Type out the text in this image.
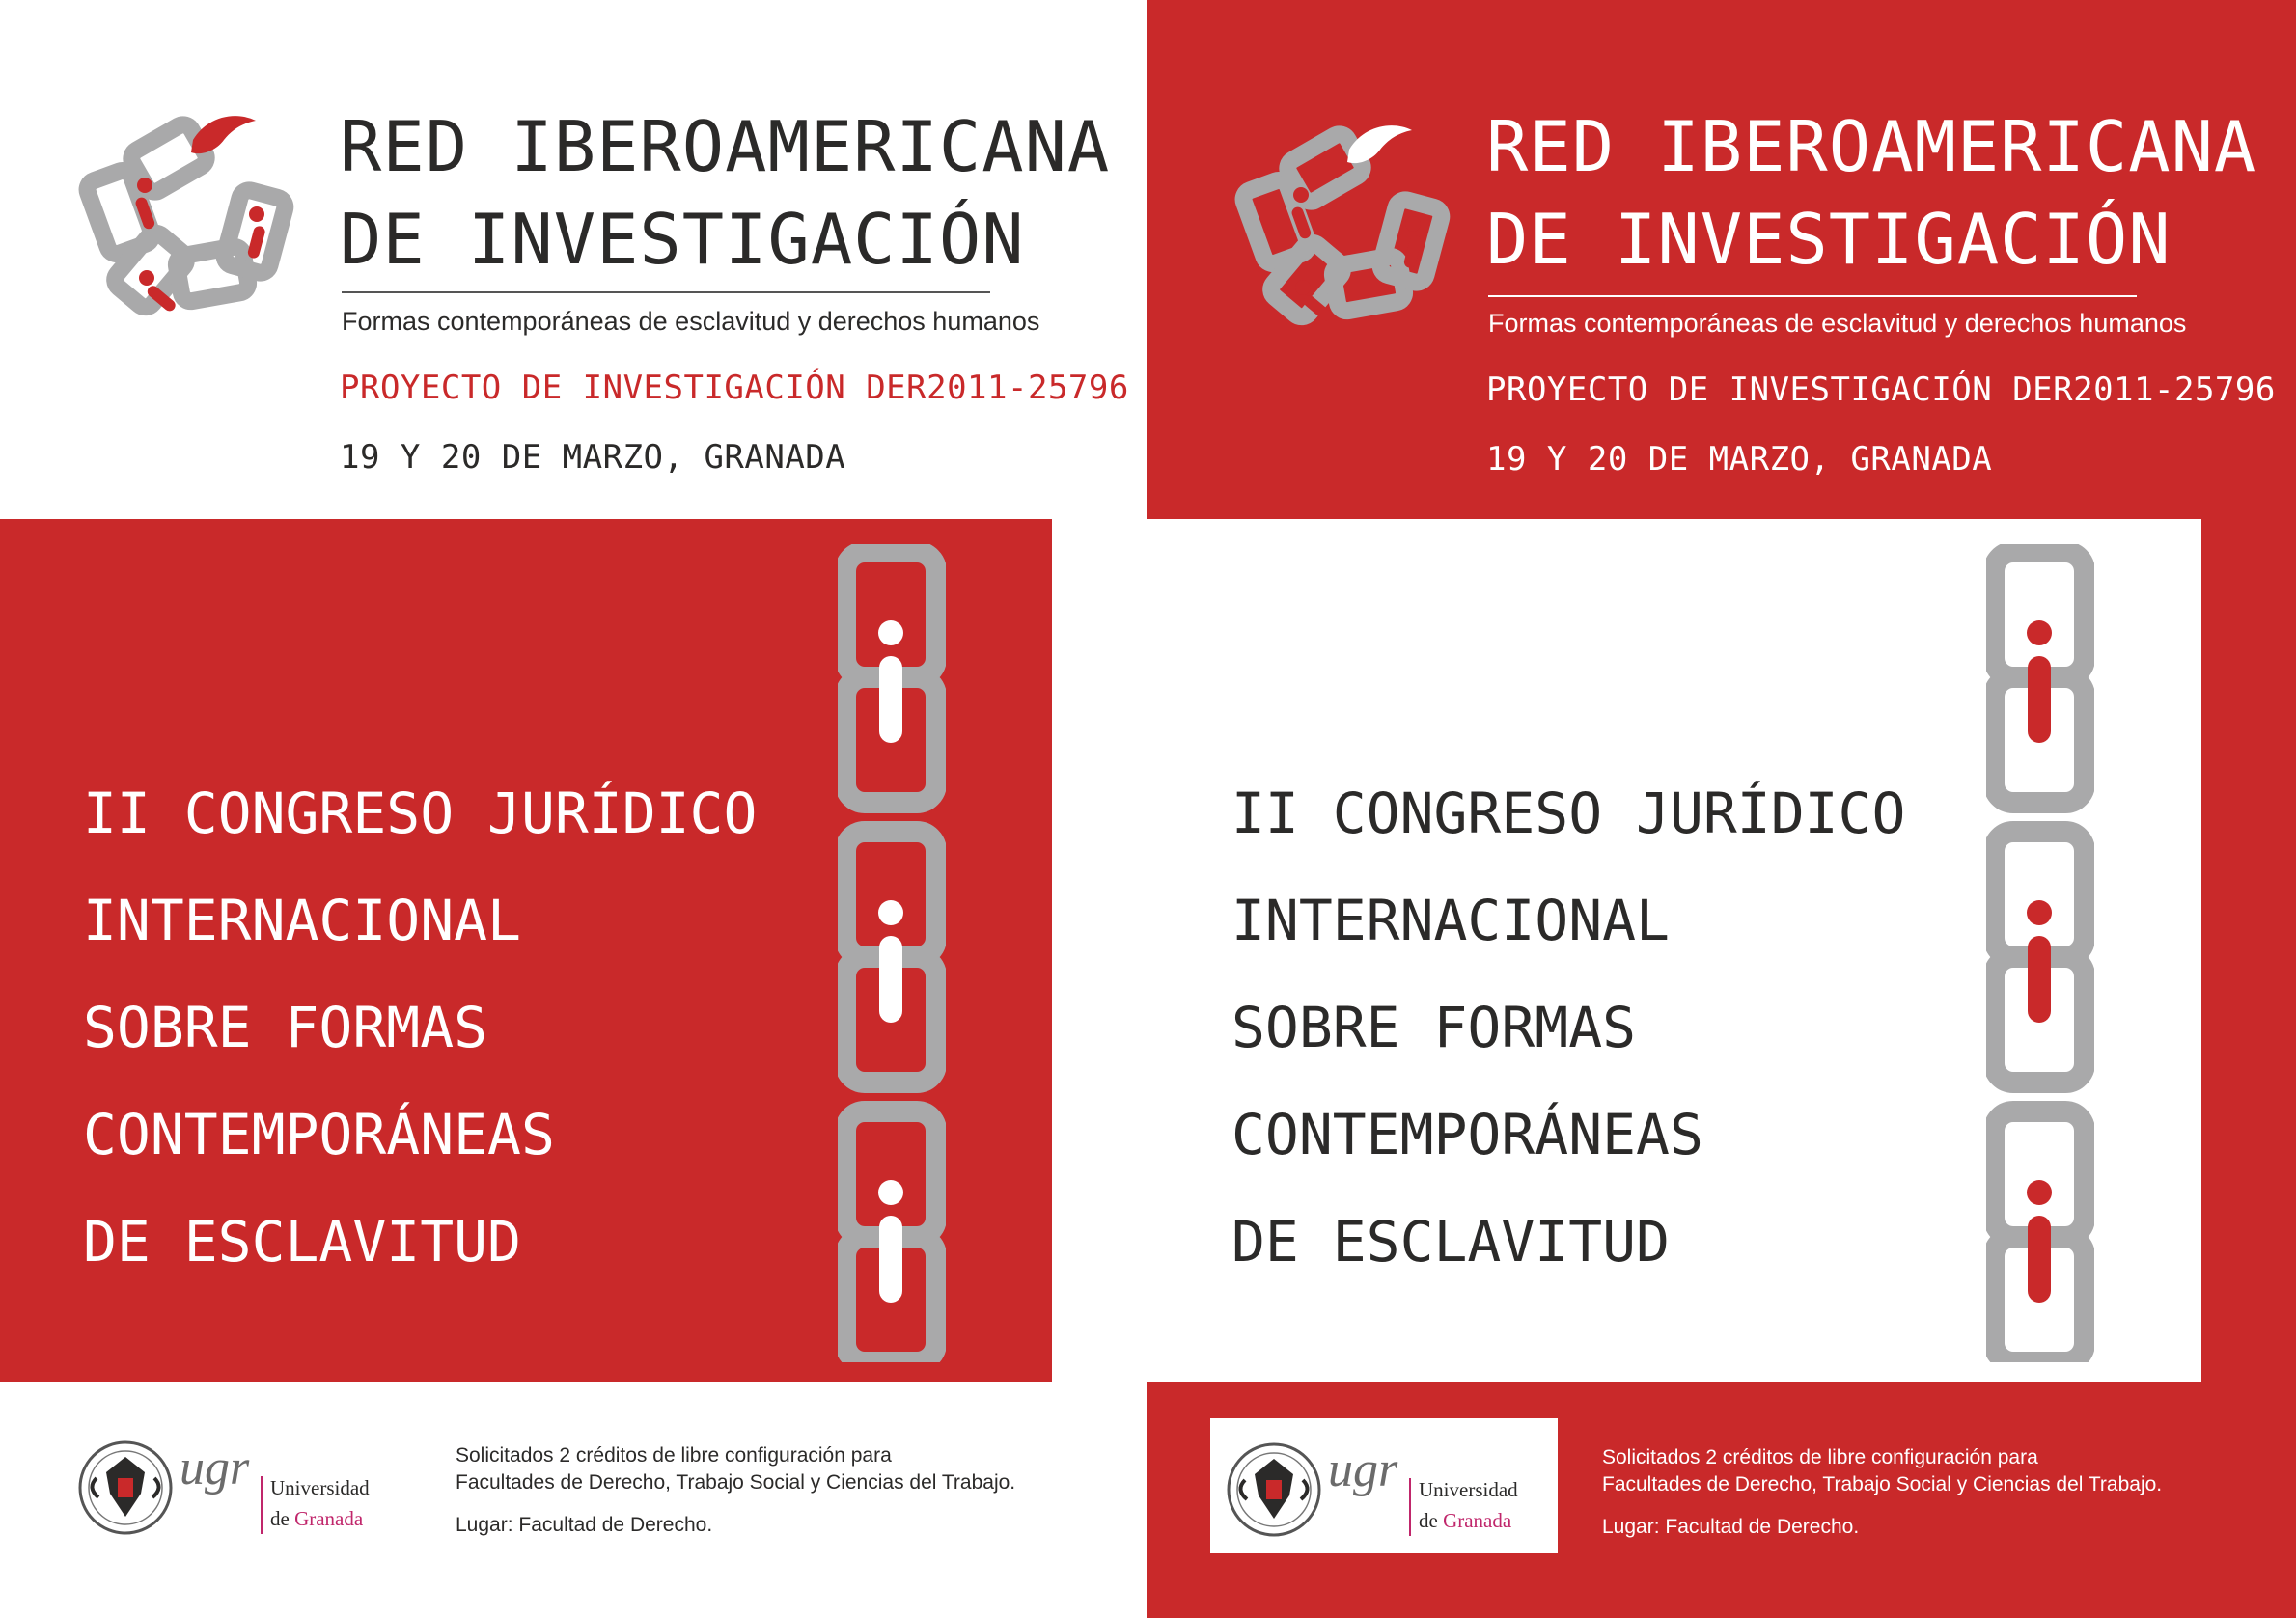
RED IBEROAMERICANA
DE INVESTIGACIÓN
Formas contemporáneas de esclavitud y derechos humanos
PROYECTO DE INVESTIGACIÓN DER2011-25796
19 Y 20 DE MARZO, GRANADA
II CONGRESO JURÍDICO
INTERNACIONAL
SOBRE FORMAS
CONTEMPORÁNEAS
DE ESCLAVITUD
ugr Universidad
de Granada
Solicitados 2 créditos de libre configuración para
Facultades de Derecho, Trabajo Social y Ciencias del Trabajo.
Lugar: Facultad de Derecho.
RED IBEROAMERICANA
DE INVESTIGACIÓN
Formas contemporáneas de esclavitud y derechos humanos
PROYECTO DE INVESTIGACIÓN DER2011-25796
19 Y 20 DE MARZO, GRANADA
II CONGRESO JURÍDICO
INTERNACIONAL
SOBRE FORMAS
CONTEMPORÁNEAS
DE ESCLAVITUD
ugr Universidad
de Granada
Solicitados 2 créditos de libre configuración para
Facultades de Derecho, Trabajo Social y Ciencias del Trabajo.
Lugar: Facultad de Derecho.
